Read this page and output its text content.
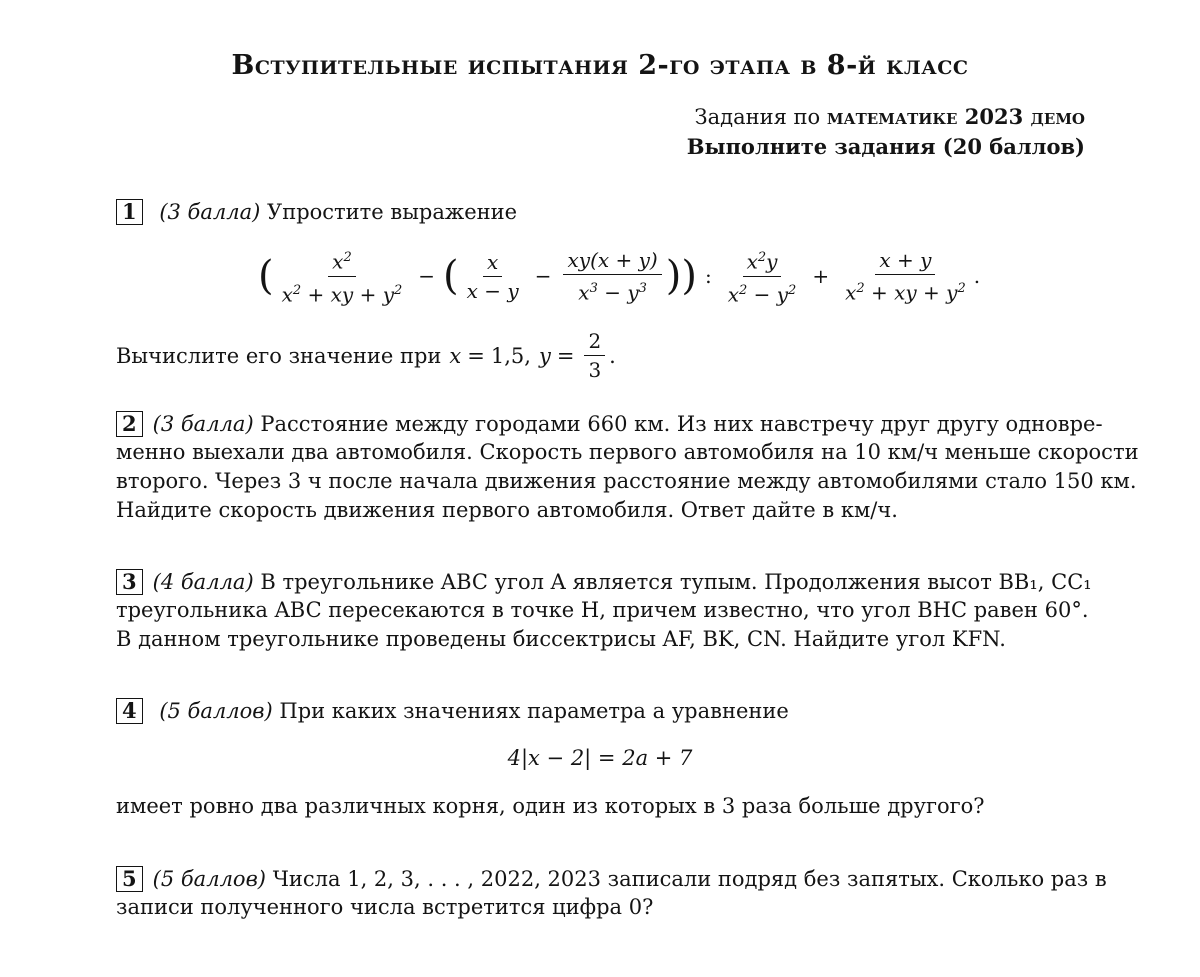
Вступительные испытания 2-го этапа в 8-й класс
Задания по математике 2023 демо
Выполните задания (20 баллов)
1 (3 балла) Упростите выражение
( $\frac{x^2}{x^2 + xy + y^2}$ − ( $\frac{x}{x - y} - \frac{xy(x + y)}{x^3 - y^3}$ )) : $\frac{x^2y}{x^2 - y^2} + \frac{x + y}{x^2 + xy + y^2}$ .
Вычислите его значение при x = 1,5, $y = \frac{2}{3}$ .
2 (3 балла) Расстояние между городами 660 км. Из них навстречу друг другу одновре-
менно выехали два автомобиля. Скорость первого автомобиля на 10 км/ч меньше скорости
второго. Через 3 ч после начала движения расстояние между автомобилями стало 150 км.
Найдите скорость движения первого автомобиля. Ответ дайте в км/ч.
3 (4 балла) В треугольнике ABC угол A является тупым. Продолжения высот BB₁, CC₁
треугольника ABC пересекаются в точке H, причем известно, что угол BHC равен 60°.
В данном треугольнике проведены биссектрисы AF, BK, CN. Найдите угол KFN.
4 (5 баллов) При каких значениях параметра a уравнение
4|x − 2| = 2a + 7
имеет ровно два различных корня, один из которых в 3 раза больше другого?
5 (5 баллов) Числа 1, 2, 3, . . . , 2022, 2023 записали подряд без запятых. Сколько раз в
записи полученного числа встретится цифра 0?
